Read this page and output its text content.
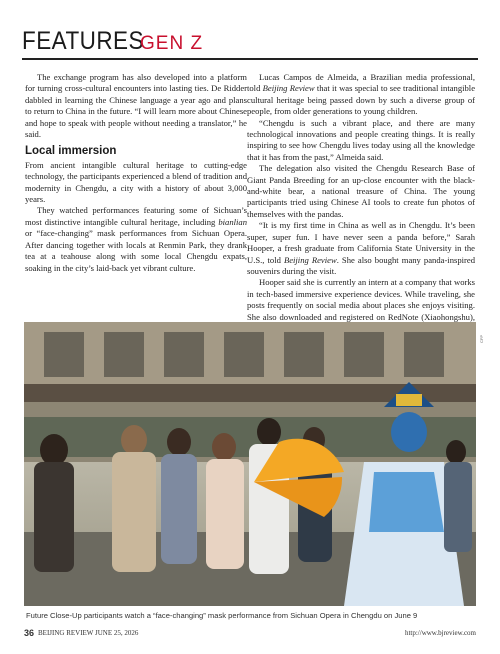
FEATURES
GEN Z

The exchange program has also developed into a platform for turning cross-cultural encounters into lasting ties. De Ridder dabbled in learning the Chinese language a year ago and plans to return to China in the future. “I will learn more about Chinese and hope to speak with people without needing a translator,” he said.

Local immersion

From ancient intangible cultural heritage to cutting-edge technology, the participants experienced a blend of tradition and modernity in Chengdu, a city with a history of about 3,000 years.

They watched performances featuring some of Sichuan’s most distinctive intangible cultural heritage, including bianlian or “face-changing” mask performances from Sichuan Opera. After dancing together with locals at Renmin Park, they drank tea at a teahouse along with some local Chengdu expats, soaking in the city’s laid-back yet vibrant culture.

Lucas Campos de Almeida, a Brazilian media professional, told Beijing Review that it was special to see traditional intangible cultural heritage being passed down by such a diverse group of people, from older generations to young children.

“Chengdu is such a vibrant place, and there are many technological innovations and people creating things. It is really inspiring to see how Chengdu lives today using all the knowledge that it has from the past,” Almeida said.

The delegation also visited the Chengdu Research Base of Giant Panda Breeding for an up-close encounter with the black-and-white bear, a national treasure of China. The young participants tried using Chinese AI tools to create fun photos of themselves with the pandas.

“It is my first time in China as well as in Chengdu. It’s been super, super fun. I have never seen a panda before,” Sarah Hooper, a fresh graduate from California State University in the U.S., told Beijing Review. She also bought many panda-inspired souvenirs during the visit.

Hooper said she is currently an intern at a company that works in tech-based immersive experience devices. While traveling, she posts frequently on social media about places she enjoys visiting. She also downloaded and registered on RedNote (Xiaohongshu),

CFP
Future Close-Up participants watch a “face-changing” mask performance from Sichuan Opera in Chengdu on June 9
36 BEIJING REVIEW JUNE 25, 2026	http://www.bjreview.com
